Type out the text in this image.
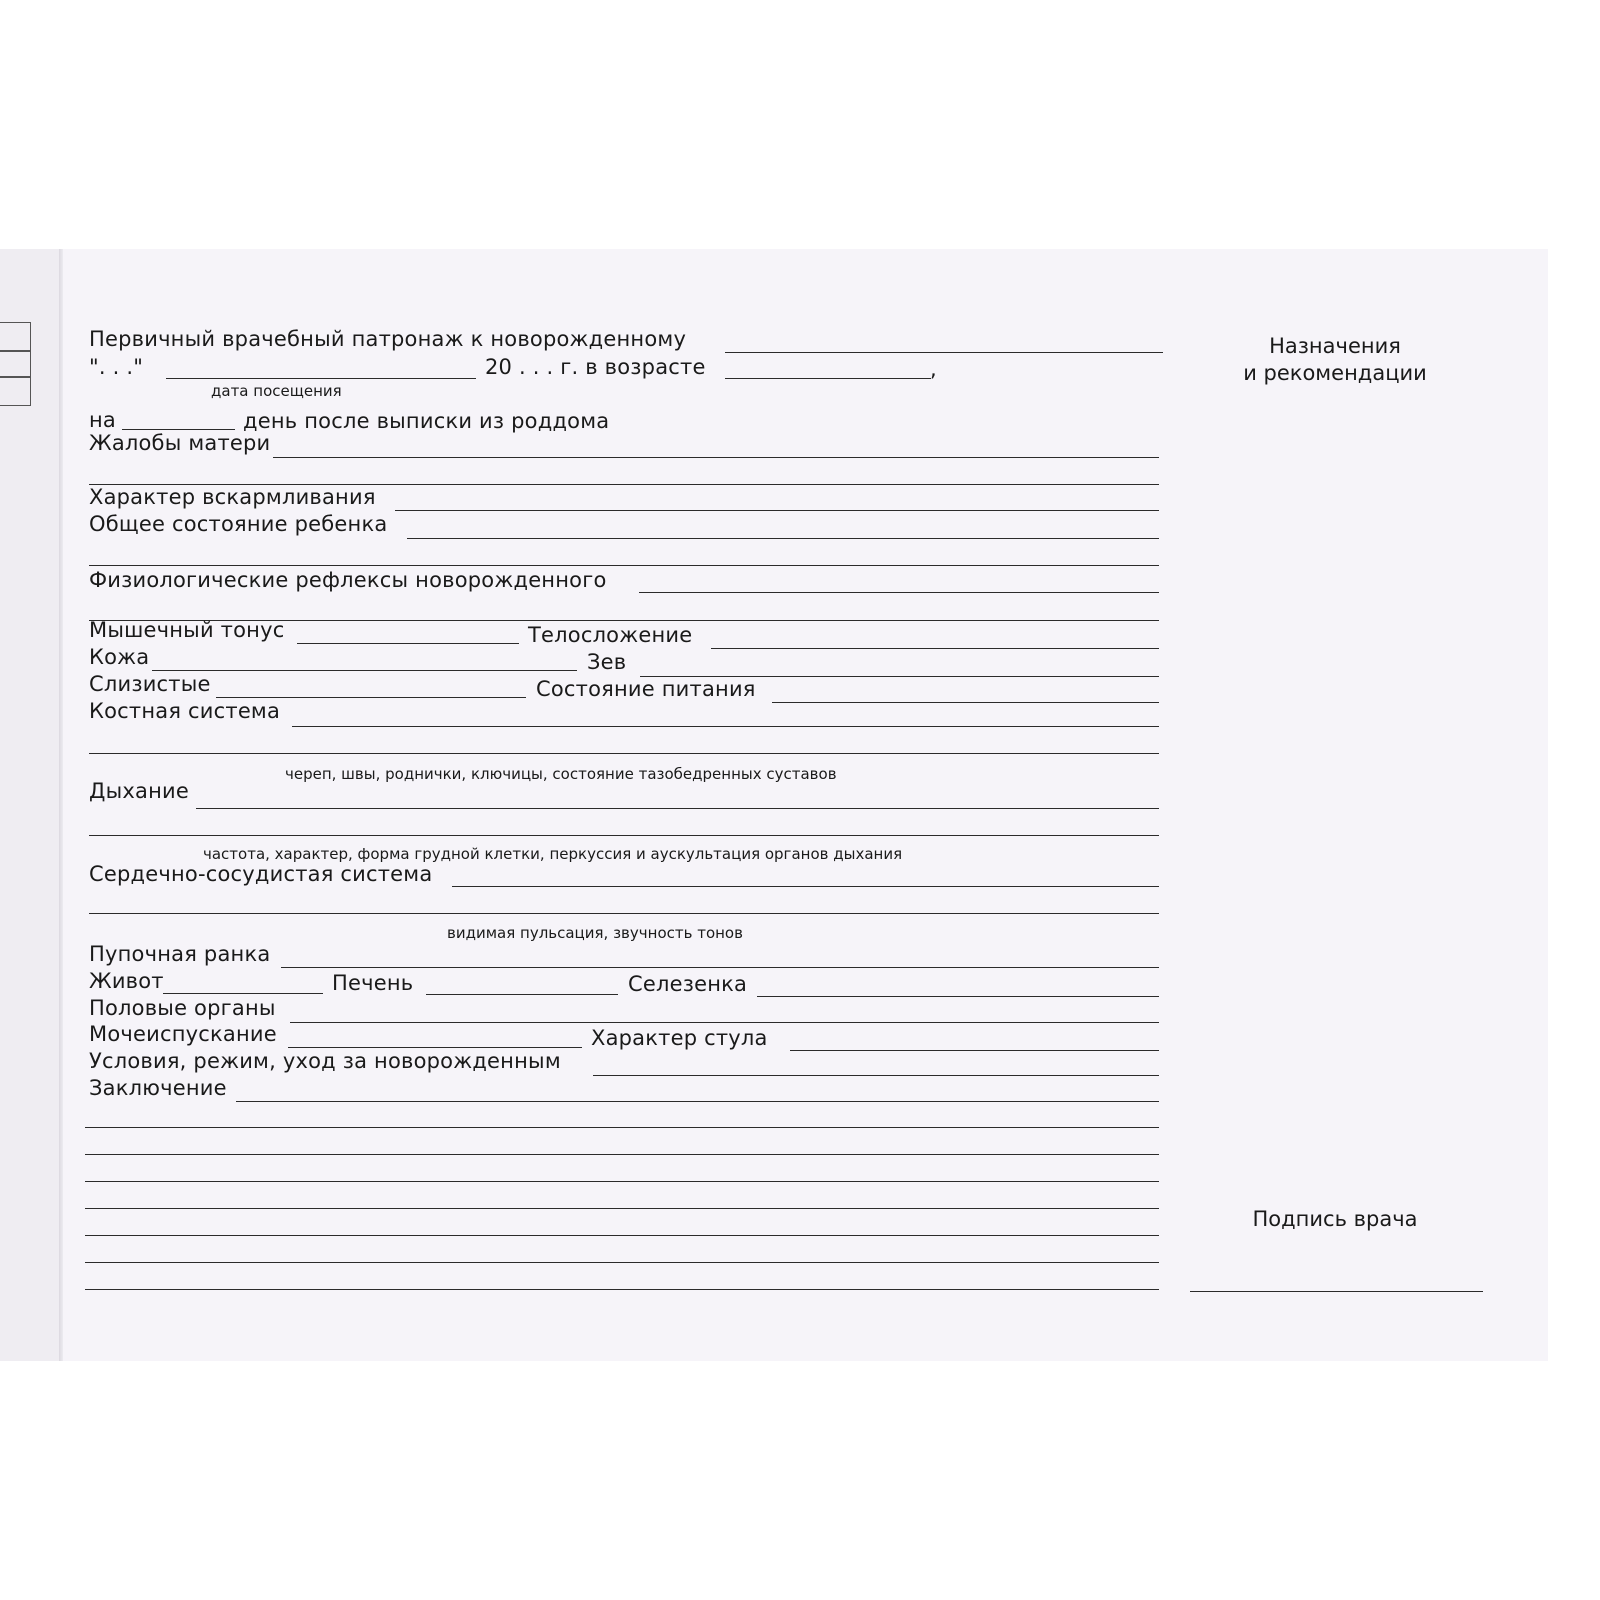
Первичный врачебный патронаж к новорожденному
". . ."	20 . . . г. в возрасте	,
дата посещения
на	день после выписки из роддома
Жалобы матери
Характер вскармливания
Общее состояние ребенка
Физиологические рефлексы новорожденного
Мышечный тонус	Телосложение
Кожа	Зев
Слизистые	Состояние питания
Костная система
череп, швы, роднички, ключицы, состояние тазобедренных суставов
Дыхание
частота, характер, форма грудной клетки, перкуссия и аускультация органов дыхания
Сердечно-сосудистая система
видимая пульсация, звучность тонов
Пупочная ранка
Живот	Печень	Селезенка
Половые органы
Мочеиспускание	Характер стула
Условия, режим, уход за новорожденным
Заключение
Назначения
и рекомендации
Подпись врача
